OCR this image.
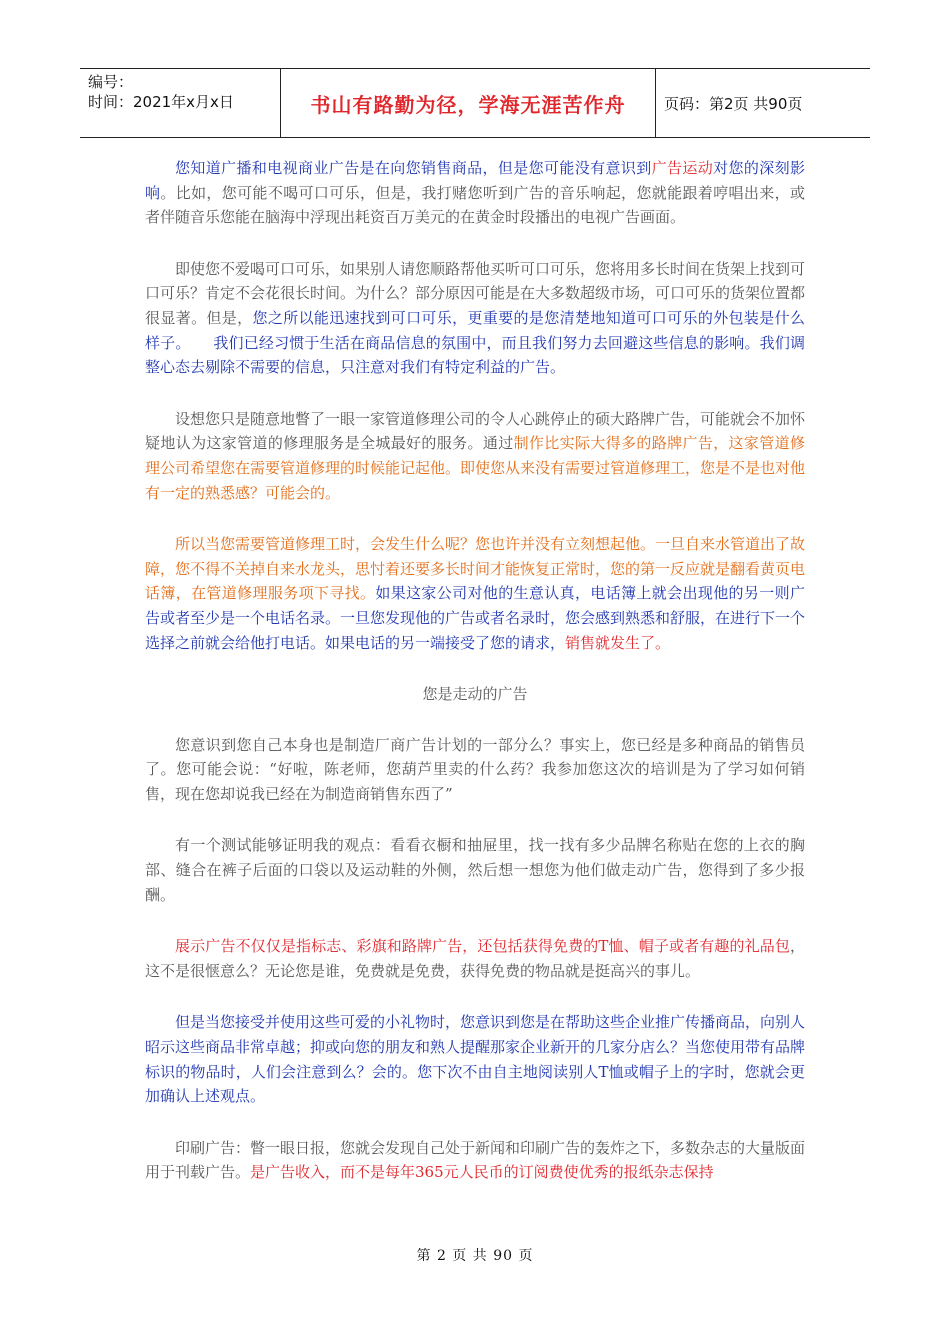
编号：
时间：2021年x月x日	书山有路勤为径，学海无涯苦作舟	页码：第2页 共90页

您知道广播和电视商业广告是在向您销售商品，但是您可能没有意识到广告运动对您的深刻影响。比如，您可能不喝可口可乐，但是，我打赌您听到广告的音乐响起，您就能跟着哼唱出来，或者伴随音乐您能在脑海中浮现出耗资百万美元的在黄金时段播出的电视广告画面。

即使您不爱喝可口可乐，如果别人请您顺路帮他买听可口可乐，您将用多长时间在货架上找到可口可乐？肯定不会花很长时间。为什么？部分原因可能是在大多数超级市场，可口可乐的货架位置都很显著。但是，您之所以能迅速找到可口可乐，更重要的是您清楚地知道可口可乐的外包装是什么样子。　　我们已经习惯于生活在商品信息的氛围中，而且我们努力去回避这些信息的影响。我们调整心态去剔除不需要的信息，只注意对我们有特定利益的广告。

设想您只是随意地瞥了一眼一家管道修理公司的令人心跳停止的硕大路牌广告，可能就会不加怀疑地认为这家管道的修理服务是全城最好的服务。通过制作比实际大得多的路牌广告，这家管道修理公司希望您在需要管道修理的时候能记起他。即使您从来没有需要过管道修理工，您是不是也对他有一定的熟悉感？可能会的。

所以当您需要管道修理工时，会发生什么呢？您也许并没有立刻想起他。一旦自来水管道出了故障，您不得不关掉自来水龙头，思忖着还要多长时间才能恢复正常时，您的第一反应就是翻看黄页电话簿，在管道修理服务项下寻找。如果这家公司对他的生意认真，电话簿上就会出现他的另一则广告或者至少是一个电话名录。一旦您发现他的广告或者名录时，您会感到熟悉和舒服，在进行下一个选择之前就会给他打电话。如果电话的另一端接受了您的请求，销售就发生了。

您是走动的广告

您意识到您自己本身也是制造厂商广告计划的一部分么？事实上，您已经是多种商品的销售员了。您可能会说：“好啦，陈老师，您葫芦里卖的什么药？我参加您这次的培训是为了学习如何销售，现在您却说我已经在为制造商销售东西了”

有一个测试能够证明我的观点：看看衣橱和抽屉里，找一找有多少品牌名称贴在您的上衣的胸部、缝合在裤子后面的口袋以及运动鞋的外侧，然后想一想您为他们做走动广告，您得到了多少报酬。

展示广告不仅仅是指标志、彩旗和路牌广告，还包括获得免费的T恤、帽子或者有趣的礼品包，这不是很惬意么？无论您是谁，免费就是免费，获得免费的物品就是挺高兴的事儿。

但是当您接受并使用这些可爱的小礼物时，您意识到您是在帮助这些企业推广传播商品，向别人昭示这些商品非常卓越；抑或向您的朋友和熟人提醒那家企业新开的几家分店么？当您使用带有品牌标识的物品时，人们会注意到么？会的。您下次不由自主地阅读别人T恤或帽子上的字时，您就会更加确认上述观点。

印刷广告：瞥一眼日报，您就会发现自己处于新闻和印刷广告的轰炸之下，多数杂志的大量版面用于刊载广告。是广告收入，而不是每年365元人民币的订阅费使优秀的报纸杂志保持

第 2 页 共 90 页
